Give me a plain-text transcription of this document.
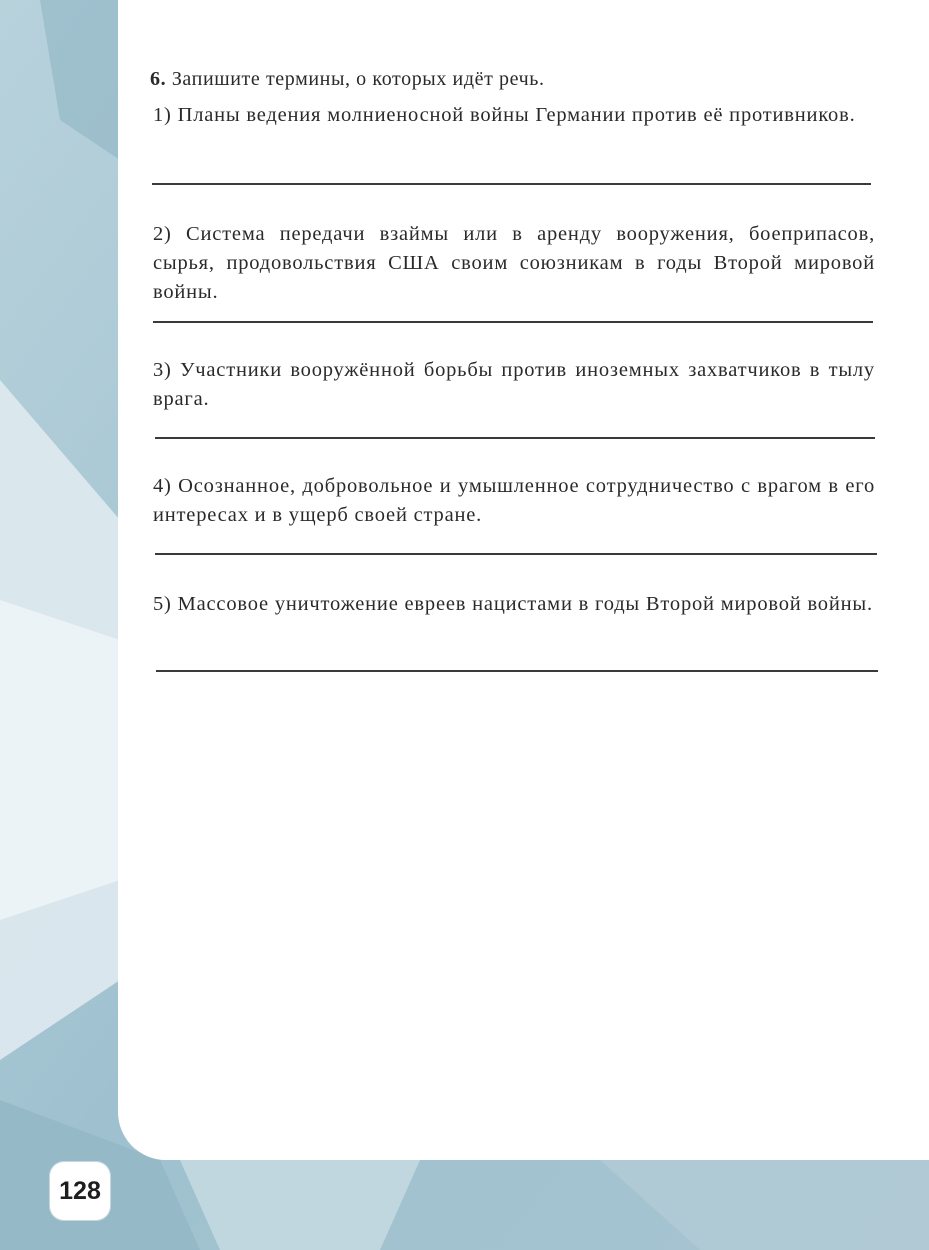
6. Запишите термины, о которых идёт речь.
1) Планы ведения молниеносной войны Германии против её противников.
2) Система передачи взаймы или в аренду вооружения, боеприпасов, сырья, продовольствия США своим союзникам в годы Второй мировой войны.
3) Участники вооружённой борьбы против иноземных захватчиков в тылу врага.
4) Осознанное, добровольное и умышленное сотрудничество с врагом в его интересах и в ущерб своей стране.
5) Массовое уничтожение евреев нацистами в годы Второй мировой войны.
128
